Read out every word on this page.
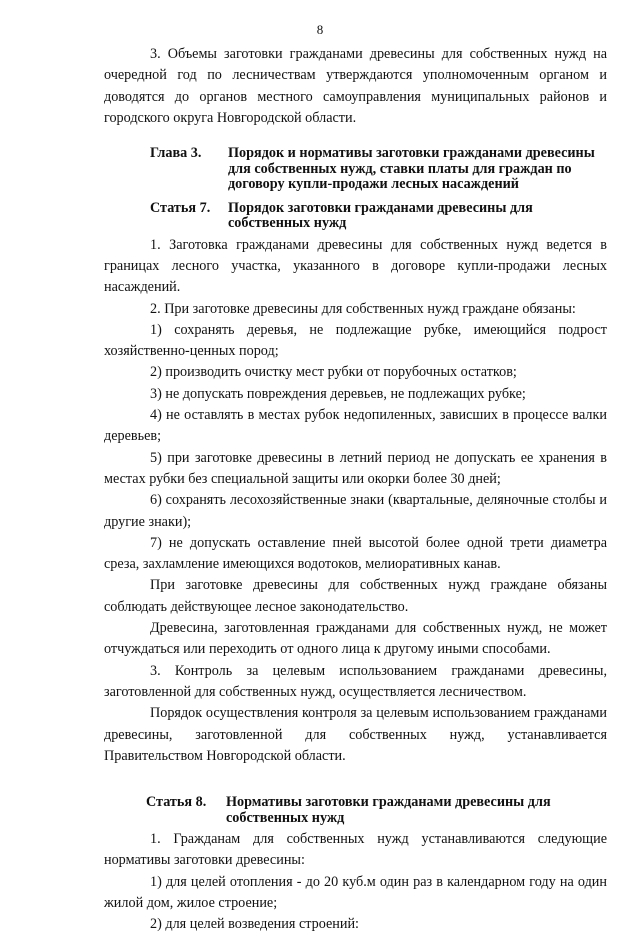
8

3. Объемы заготовки гражданами древесины для собственных нужд на очередной год по лесничествам утверждаются уполномоченным органом и доводятся до органов местного самоуправления муниципальных районов и городского округа Новгородской области.

Глава 3.	Порядок и нормативы заготовки гражданами древесины для собственных нужд, ставки платы для граждан по договору купли-продажи лесных насаждений
Статья 7.	Порядок заготовки гражданами древесины для собственных нужд

1. Заготовка гражданами древесины для собственных нужд ведется в границах лесного участка, указанного в договоре купли-продажи лесных насаждений.

2. При заготовке древесины для собственных нужд граждане обязаны:

1) сохранять деревья, не подлежащие рубке, имеющийся подрост хозяйственно-ценных пород;

2) производить очистку мест рубки от порубочных остатков;

3) не допускать повреждения деревьев, не подлежащих рубке;

4) не оставлять в местах рубок недопиленных, зависших в процессе валки деревьев;

5) при заготовке древесины в летний период не допускать ее хранения в местах рубки без специальной защиты или окорки более 30 дней;

6) сохранять лесохозяйственные знаки (квартальные, деляночные столбы и другие знаки);

7) не допускать оставление пней высотой более одной трети диаметра среза, захламление имеющихся водотоков, мелиоративных канав.

При заготовке древесины для собственных нужд граждане обязаны соблюдать действующее лесное законодательство.

Древесина, заготовленная гражданами для собственных нужд, не может отчуждаться или переходить от одного лица к другому иными способами.

3. Контроль за целевым использованием гражданами древесины, заготовленной для собственных нужд, осуществляется лесничеством.

Порядок осуществления контроля за целевым использованием гражданами древесины, заготовленной для собственных нужд, устанавливается Правительством Новгородской области.

Статья 8.	Нормативы заготовки гражданами древесины для собственных нужд

1. Гражданам для собственных нужд устанавливаются следующие нормативы заготовки древесины:

1) для целей отопления - до 20 куб.м один раз в календарном году на один жилой дом, жилое строение;

2) для целей возведения строений:
